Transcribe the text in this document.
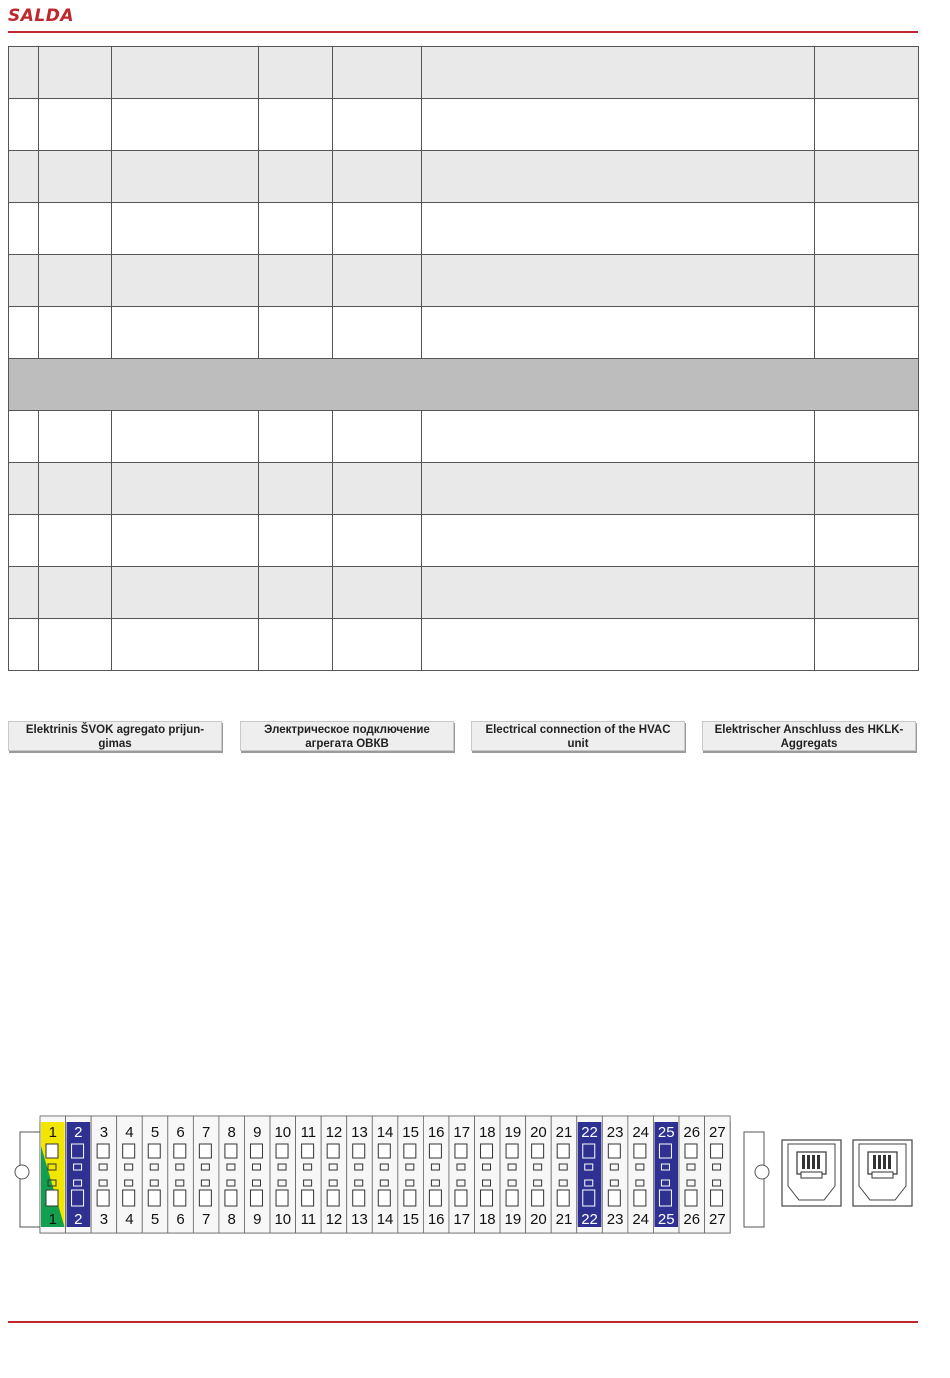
SALDA

Elektrinis ŠVOK agregato prijun-
gimas
Электрическое подключение
агрегата ОВКВ
Electrical connection of the HVAC
unit
Elektrischer Anschluss des HKLK-
Aggregats
1
1
2
2
3
3
4
4
5
5
6
6
7
7
8
8
9
9
10
10
11
11
12
12
13
13
14
14
15
15
16
16
17
17
18
18
19
19
20
20
21
21
22
22
23
23
24
24
25
25
26
26
27
27
